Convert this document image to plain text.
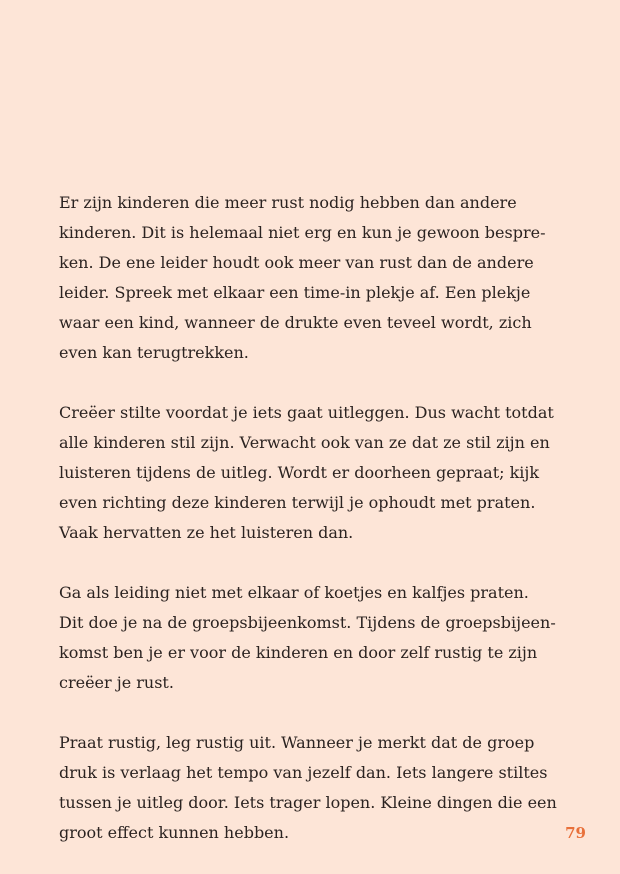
Er zijn kinderen die meer rust nodig hebben dan andere
kinderen. Dit is helemaal niet erg en kun je gewoon bespre-
ken. De ene leider houdt ook meer van rust dan de andere
leider. Spreek met elkaar een time-in plekje af. Een plekje
waar een kind, wanneer de drukte even teveel wordt, zich
even kan terugtrekken.
Creëer stilte voordat je iets gaat uitleggen. Dus wacht totdat
alle kinderen stil zijn. Verwacht ook van ze dat ze stil zijn en
luisteren tijdens de uitleg. Wordt er doorheen gepraat; kijk
even richting deze kinderen terwijl je ophoudt met praten.
Vaak hervatten ze het luisteren dan.
Ga als leiding niet met elkaar of koetjes en kalfjes praten.
Dit doe je na de groepsbijeenkomst. Tijdens de groepsbijeen-
komst ben je er voor de kinderen en door zelf rustig te zijn
creëer je rust.
Praat rustig, leg rustig uit. Wanneer je merkt dat de groep
druk is verlaag het tempo van jezelf dan. Iets langere stiltes
tussen je uitleg door. Iets trager lopen. Kleine dingen die een
groot effect kunnen hebben.	79
